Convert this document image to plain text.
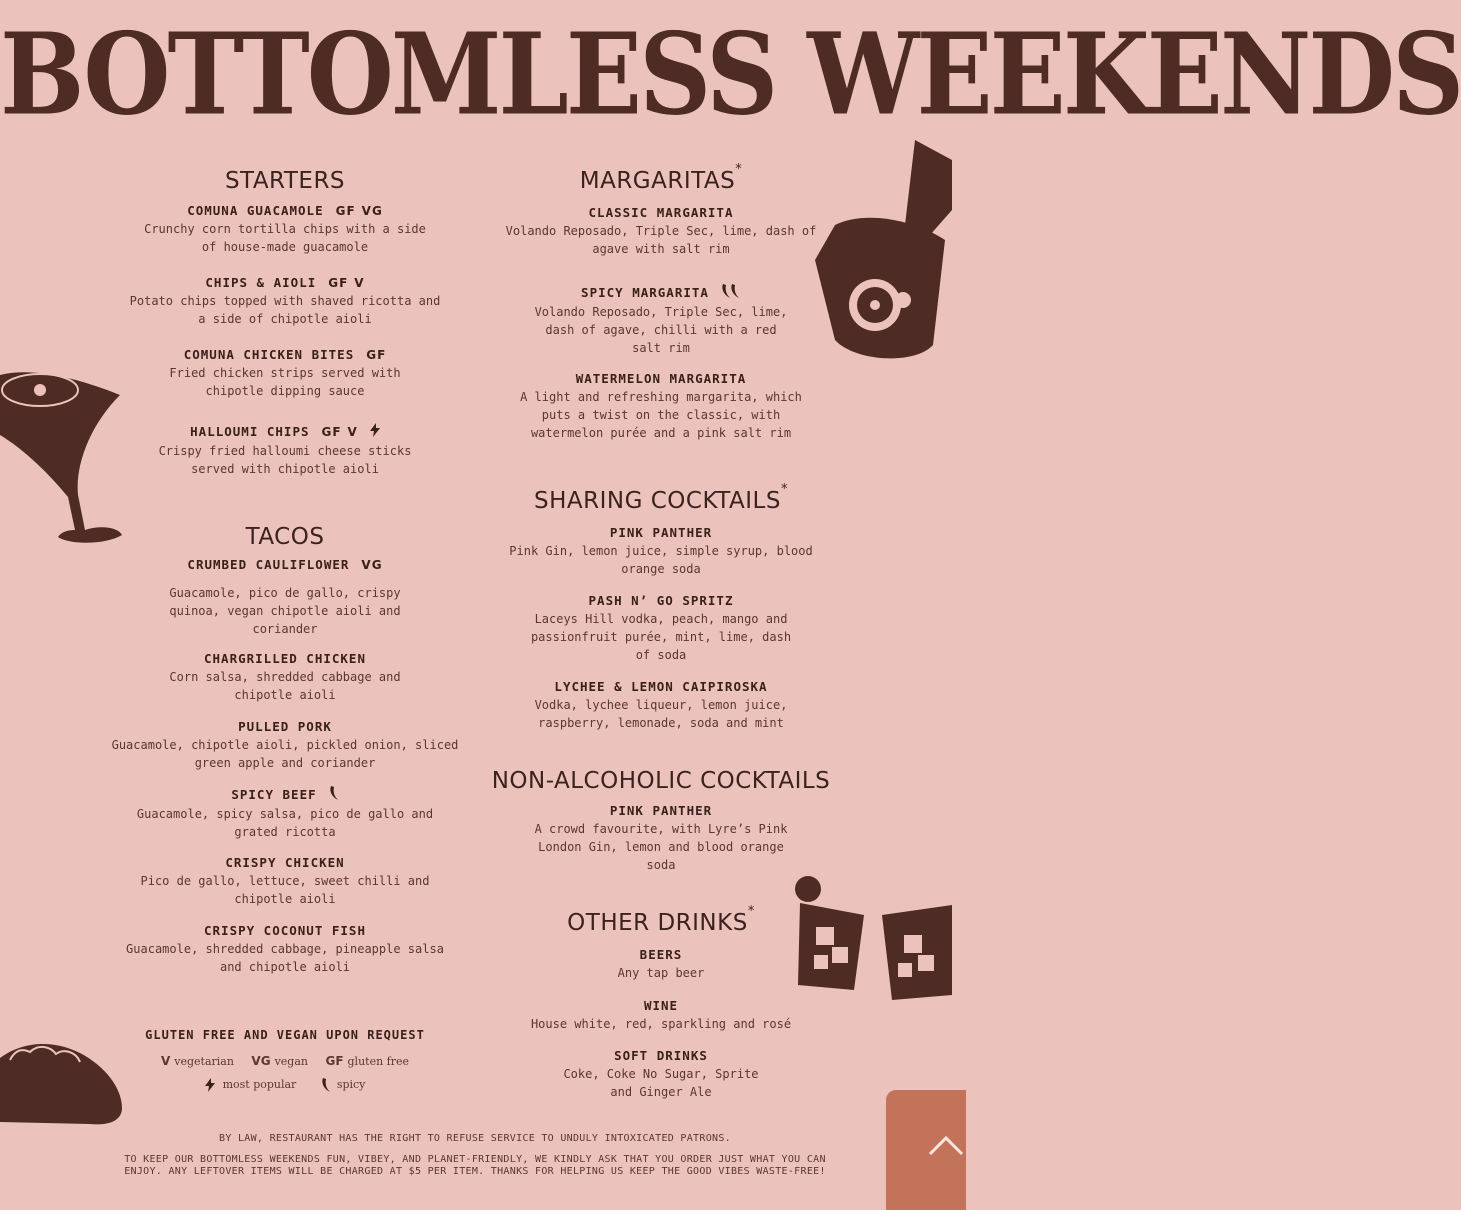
BOTTOMLESS WEEKENDS
STARTERS
COMUNA GUACAMOLE GF VG
Crunchy corn tortilla chips with a side of house-made guacamole
CHIPS & AIOLI GF V
Potato chips topped with shaved ricotta and a side of chipotle aioli
COMUNA CHICKEN BITES GF
Fried chicken strips served with chipotle dipping sauce
HALLOUMI CHIPS GF V
Crispy fried halloumi cheese sticks served with chipotle aioli
TACOS
CRUMBED CAULIFLOWER VG
Guacamole, pico de gallo, crispy quinoa, vegan chipotle aioli and coriander
CHARGRILLED CHICKEN
Corn salsa, shredded cabbage and chipotle aioli
PULLED PORK
Guacamole, chipotle aioli, pickled onion, sliced green apple and coriander
SPICY BEEF
Guacamole, spicy salsa, pico de gallo and grated ricotta
CRISPY CHICKEN
Pico de gallo, lettuce, sweet chilli and chipotle aioli
CRISPY COCONUT FISH
Guacamole, shredded cabbage, pineapple salsa and chipotle aioli
GLUTEN FREE AND VEGAN UPON REQUEST
V vegetarian VG vegan GF gluten free
most popular	spicy
MARGARITAS*
CLASSIC MARGARITA
Volando Reposado, Triple Sec, lime, dash of agave with salt rim
SPICY MARGARITA
Volando Reposado, Triple Sec, lime, dash of agave, chilli with a red salt rim
WATERMELON MARGARITA
A light and refreshing margarita, which puts a twist on the classic, with watermelon purée and a pink salt rim
SHARING COCKTAILS*
PINK PANTHER
Pink Gin, lemon juice, simple syrup, blood orange soda
PASH N’ GO SPRITZ
Laceys Hill vodka, peach, mango and passionfruit purée, mint, lime, dash of soda
LYCHEE & LEMON CAIPIROSKA
Vodka, lychee liqueur, lemon juice, raspberry, lemonade, soda and mint
NON-ALCOHOLIC COCKTAILS
PINK PANTHER
A crowd favourite, with Lyre’s Pink London Gin, lemon and blood orange soda
OTHER DRINKS*
BEERS
Any tap beer
WINE
House white, red, sparkling and rosé
SOFT DRINKS
Coke, Coke No Sugar, Sprite and Ginger Ale
BY LAW, RESTAURANT HAS THE RIGHT TO REFUSE SERVICE TO UNDULY INTOXICATED PATRONS.
TO KEEP OUR BOTTOMLESS WEEKENDS FUN, VIBEY, AND PLANET-FRIENDLY, WE KINDLY ASK THAT YOU ORDER JUST WHAT YOU CAN ENJOY. ANY LEFTOVER ITEMS WILL BE CHARGED AT $5 PER ITEM. THANKS FOR HELPING US KEEP THE GOOD VIBES WASTE-FREE!
